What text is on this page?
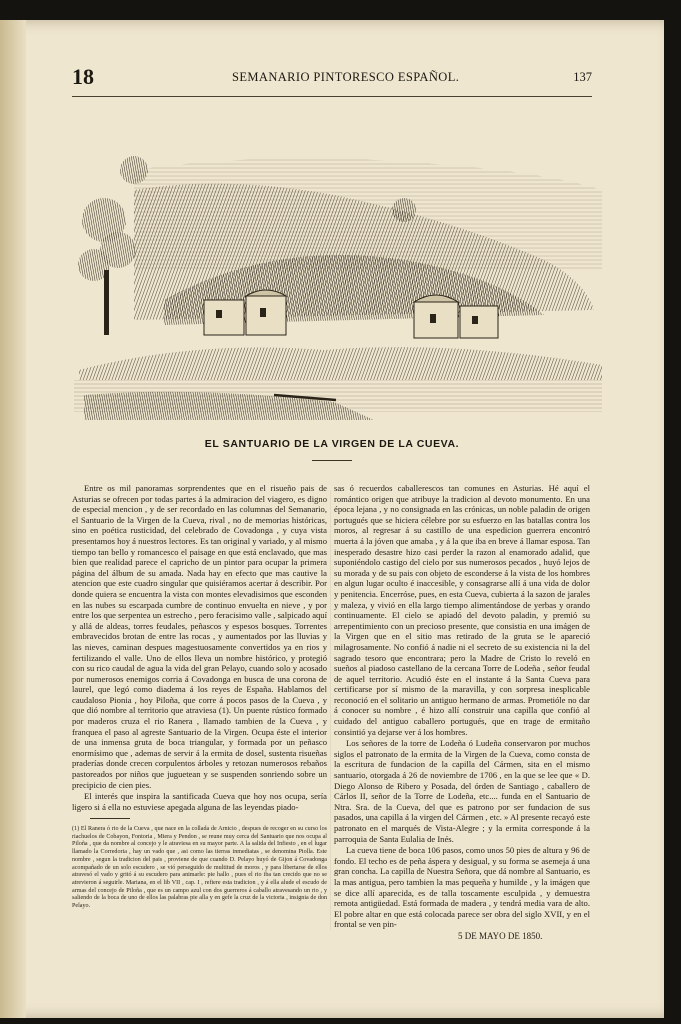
18	SEMANARIO PINTORESCO ESPAÑOL.	137
EL SANTUARIO DE LA VIRGEN DE LA CUEVA.

Entre os mil panoramas sorprendentes que en el risueño pais de Asturias se ofrecen por todas partes á la admiracion del viagero, es digno de especial mencion , y de ser recordado en las columnas del Semanario, el Santuario de la Virgen de la Cueva, rival , no de memorias históricas, sino en poética rusticidad, del celebrado de Covadonga , y cuya vista presentamos hoy á nuestros lectores. Es tan original y variado, y al mismo tiempo tan bello y romancesco el paisage en que está enclavado, que mas bien que realidad parece el capricho de un pintor para ocupar la primera página del álbum de su amada. Nada hay en efecto que mas cautive la atencion que este cuadro singular que quisiéramos acertar á describir. Por donde quiera se encuentra la vista con montes elevadisimos que esconden en las nubes su escarpada cumbre de continuo envuelta en nieve , y por entre los que serpentea un estrecho , pero feracisimo valle , salpicado aquí y allá de aldeas, torres feudales, peñascos y espesos bosques. Torrentes embravecidos brotan de entre las rocas , y aumentados por las lluvias y las nieves, caminan despues magestuosamente convertidos ya en rios y fertilizando el valle. Uno de ellos lleva un nombre histórico, y protegió con su rico caudal de agua la vida del gran Pelayo, cuando solo y acosado por numerosos enemigos corria á Covadonga en busca de una corona de laurel, que legó como diadema á los reyes de España. Hablamos del caudaloso Pionia , hoy Piloña, que corre á pocos pasos de la Cueva , y que dió nombre al territorio que atraviesa (1). Un puente rústico formado por maderos cruza el rio Ranera , llamado tambien de la Cueva , y franquea el paso al agreste Santuario de la Virgen. Ocupa éste el interior de una inmensa gruta de boca triangular, y formada por un peñasco enormísimo que , ademas de servir á la ermita de dosel, sustenta risueñas praderías donde crecen corpulentos árboles y retozan numerosos rebaños pastoreados por niños que juguetean y se suspenden sonriendo sobre un precipicio de cien pies.

El interés que inspira la santificada Cueva que hoy nos ocupa, sería ligero si á ella no estuviese apegada alguna de las leyendas piado-

(1) El Ranera ó rio de la Cueva , que nace en la collada de Arnicio , despues de recoger en su curso los riachuelos de Cobayon, Fontoria , Miera y Pendon , se reune muy cerca del Santuario que nos ocupa al Piloña , que da nombre al concejo y le atraviesa en su mayor parte. A la salida del Infiesto , en el lugar llamado la Corredoria , hay un vado que , asi como las tierras inmediatas , se denomina Piolla. Este nombre , segun la tradicion del pais , proviene de que cuando D. Pelayo huyó de Gijon á Covadonga acompañado de un solo escudero , se vió perseguido de multitud de moros , y para libertarse de ellos atravesó el vado y gritó á su escudero para animarle: pie hallo , pues el rio iba tan crecido que no se atrevieron á seguirle. Mariana, en el lib VII , cap. I , refiere esta tradicion , y á ella alude el escudo de armas del concejo de Piloña , que es un campo azul con dos guerreros á caballo atravesando un rio , y saliendo de la boca de uno de ellos las palabras pie alla y en gefe la cruz de la victoria , insignia de don Pelayo.

sas ó recuerdos caballerescos tan comunes en Asturias. Hé aquí el romántico origen que atribuye la tradicion al devoto monumento. En una época lejana , y no consignada en las crónicas, un noble paladin de origen portugués que se hiciera célebre por su esfuerzo en las batallas contra los moros, al regresar á su castillo de una espedicion guerrera encontró muerta á la jóven que amaba , y á la que iba en breve á llamar esposa. Tan inesperado desastre hizo casi perder la razon al enamorado adalid, que suponiéndolo castigo del cielo por sus numerosos pecados , huyó lejos de su morada y de su pais con objeto de esconderse á la vista de los hombres en algun lugar oculto é inaccesible, y consagrarse allí á una vida de dolor y penitencia. Encerróse, pues, en esta Cueva, cubierta á la sazon de jarales y maleza, y vivió en ella largo tiempo alimentándose de yerbas y orando continuamente. El cielo se apiadó del devoto paladin, y premió su arrepentimiento con un precioso presente, que consistia en una imágen de la Virgen que en el sitio mas retirado de la gruta se le apareció milagrosamente. No confió á nadie ni el secreto de su existencia ni la del sagrado tesoro que encontrara; pero la Madre de Cristo lo reveló en sueños al piadoso castellano de la cercana Torre de Lodeña , señor feudal de aquel territorio. Acudió éste en el instante á la Santa Cueva para certificarse por sí mismo de la maravilla, y con sorpresa inesplicable reconoció en el solitario un antiguo hermano de armas. Prometióle no dar á conocer su nombre , é hizo allí construir una capilla que confió al cuidado del antiguo caballero portugués, que en trage de ermitaño consintió ya dejarse ver á los hombres.

Los señores de la torre de Lodeña ó Ludeña conservaron por muchos siglos el patronato de la ermita de la Virgen de la Cueva, como consta de la escritura de fundacion de la capilla del Cármen, sita en el mismo santuario, otorgada á 26 de noviembre de 1706 , en la que se lee que « D. Diego Alonso de Ribero y Posada, del órden de Santiago , caballero de Cárlos II, señor de la Torre de Lodeña, etc.... funda en el Santuario de Ntra. Sra. de la Cueva, del que es patrono por ser fundacion de sus pasados, una capilla á la virgen del Cármen , etc. » Al presente recayó este patronato en el marqués de Vista-Alegre ; y la ermita corresponde á la parroquia de Santa Eulalia de Inés.

La cueva tiene de boca 106 pasos, como unos 50 pies de altura y 96 de fondo. El techo es de peña áspera y desigual, y su forma se asemeja á una gran concha. La capilla de Nuestra Señora, que dá nombre al Santuario, es la mas antigua, pero tambien la mas pequeña y humilde , y la imágen que se dice allí aparecida, es de talla toscamente esculpida , y demuestra remota antigüedad. Está formada de madera , y tendrá media vara de alto. El pobre altar en que está colocada parece ser obra del siglo XVII, y en el frontal se ven pin-

5 DE MAYO DE 1850.
